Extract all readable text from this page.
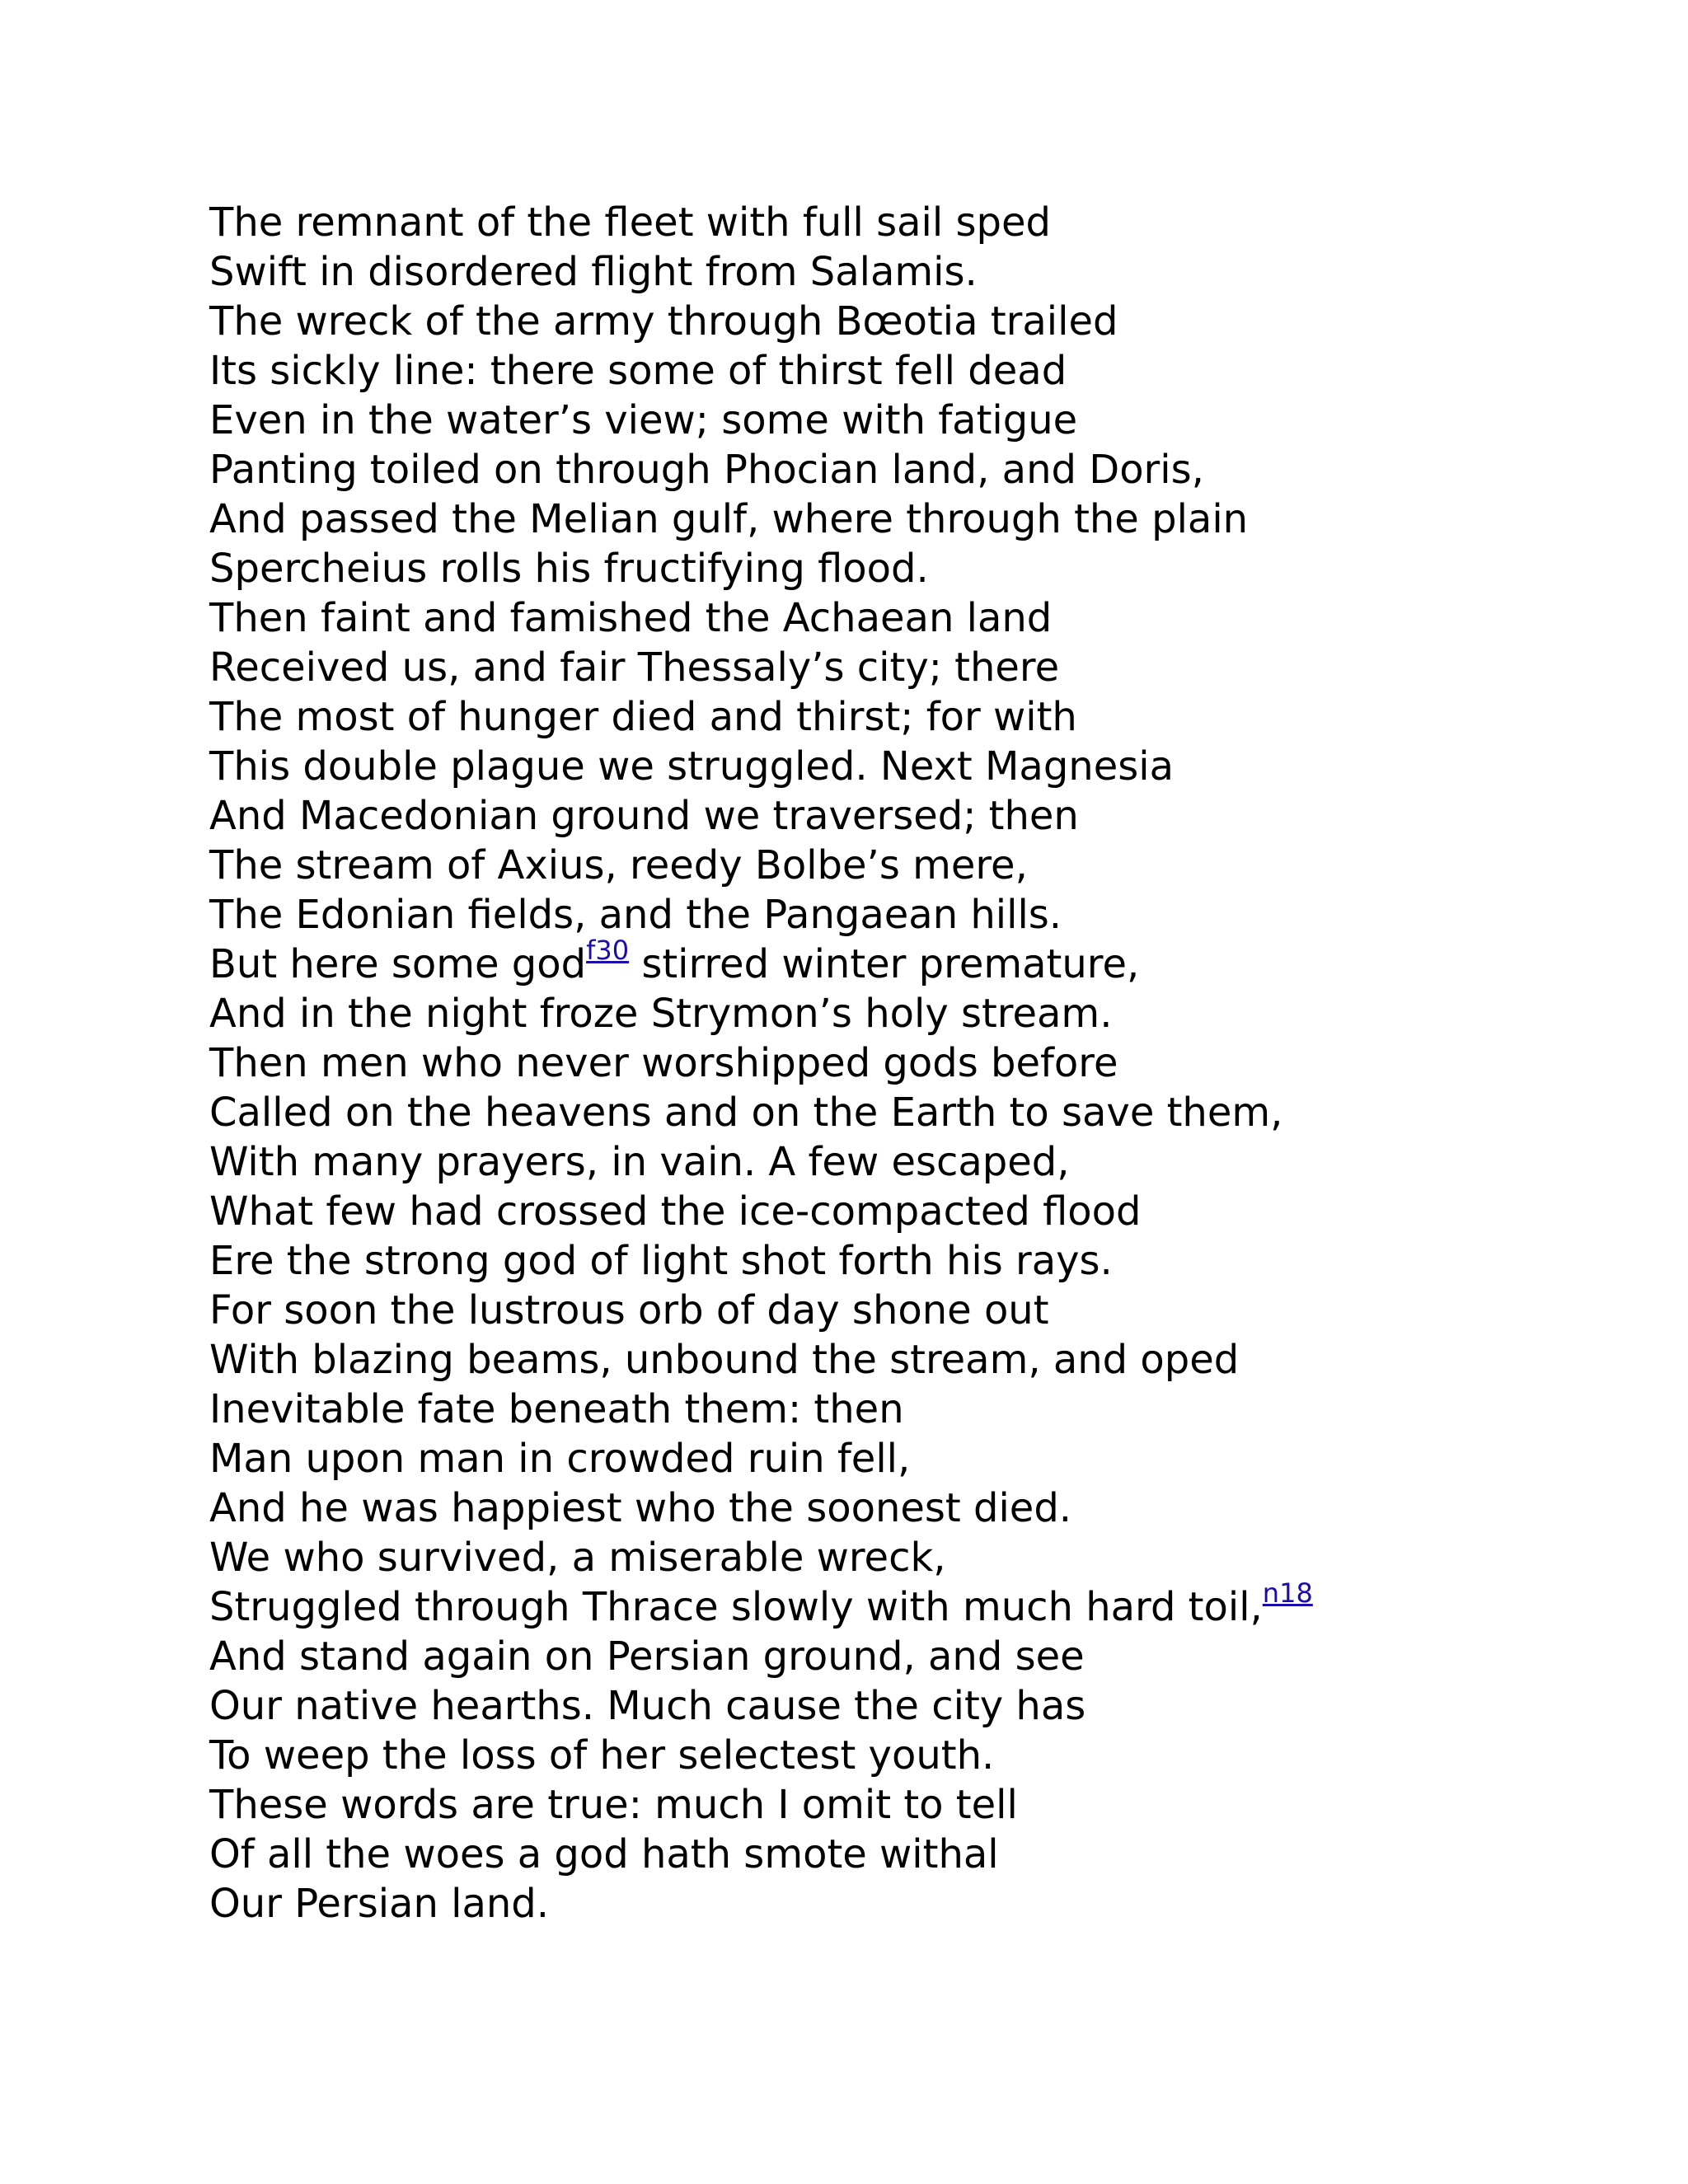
The remnant of the fleet with full sail sped
Swift in disordered flight from Salamis.
The wreck of the army through Bœotia trailed
Its sickly line: there some of thirst fell dead
Even in the water’s view; some with fatigue
Panting toiled on through Phocian land, and Doris,
And passed the Melian gulf, where through the plain
Spercheius rolls his fructifying flood.
Then faint and famished the Achaean land
Received us, and fair Thessaly’s city; there
The most of hunger died and thirst; for with
This double plague we struggled. Next Magnesia
And Macedonian ground we traversed; then
The stream of Axius, reedy Bolbe’s mere,
The Edonian fields, and the Pangaean hills.
But here some god$^{f30}$ stirred winter premature,
And in the night froze Strymon’s holy stream.
Then men who never worshipped gods before
Called on the heavens and on the Earth to save them,
With many prayers, in vain. A few escaped,
What few had crossed the ice-compacted flood
Ere the strong god of light shot forth his rays.
For soon the lustrous orb of day shone out
With blazing beams, unbound the stream, and oped
Inevitable fate beneath them: then
Man upon man in crowded ruin fell,
And he was happiest who the soonest died.
We who survived, a miserable wreck,
Struggled through Thrace slowly with much hard toil,$^{n18}$
And stand again on Persian ground, and see
Our native hearths. Much cause the city has
To weep the loss of her selectest youth.
These words are true: much I omit to tell
Of all the woes a god hath smote withal
Our Persian land.
